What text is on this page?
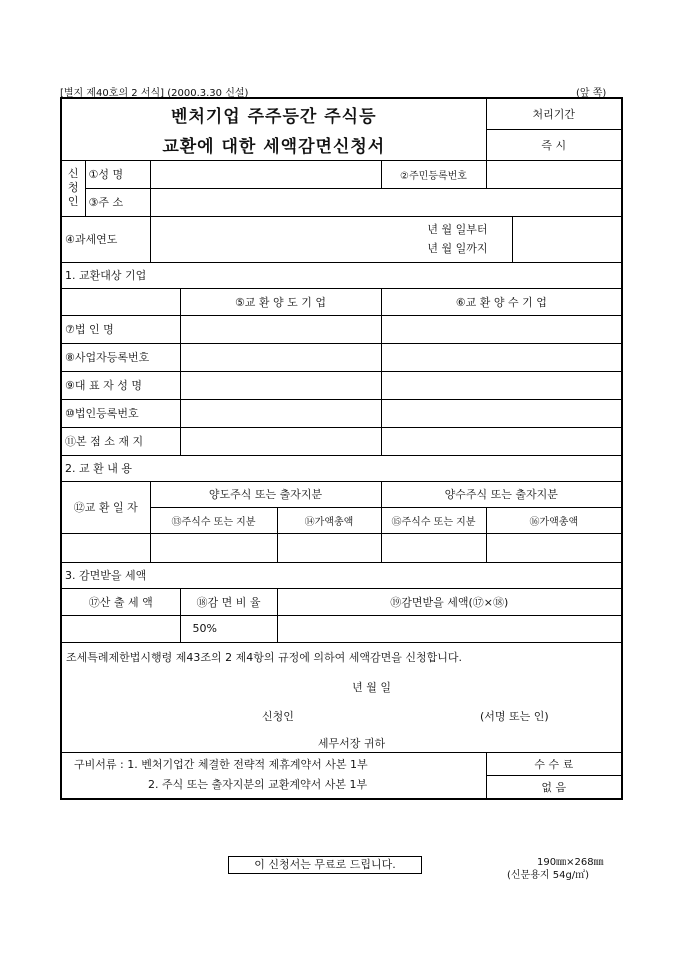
[별지 제40호의 2 서식] (2000.3.30 신설)	(앞 쪽)
벤처기업 주주등간 주식등						처리기간	
교환에 대한 세액감면신청서						즉 시	

신
청
인	①성 명				②주민등록번호		
	③주 소						
④과세연도		년 월 일부터
년 월 일까지					

1. 교환대상 기업							
			⑤교 환 양 도 기 업		⑥교 환 양 수 기 업		
⑦법 인 명							
⑧사업자등록번호							
⑨대 표 자 성 명							
⑩법인등록번호							
⑪본 점 소 재 지							
2. 교 환 내 용							
⑫교 환 일 자		양도주식 또는 출자지분			양수주식 또는 출자지분		
		⑬주식수 또는 지분		⑭가액총액	⑮주식수 또는 지분	⑯가액총액	

3. 감면받을 세액							
⑰산 출 세 액			⑱감 면 비 율	⑲감면받을 세액(⑰×⑱)			
			50%				

조세특례제한법시행령 제43조의 2 제4항의 규정에 의하여 세액감면을 신청합니다.
년 월 일
신청인 (서명 또는 인)
세무서장 귀하							

구비서류 : 1. 벤처기업간 체결한 전략적 제휴계약서 사본 1부
2. 주식 또는 출자지분의 교환계약서 사본 1부						수 수 료	
						없 음	
이 신청서는 무료로 드립니다.	190㎜×268㎜
(신문용지 54g/㎡)
